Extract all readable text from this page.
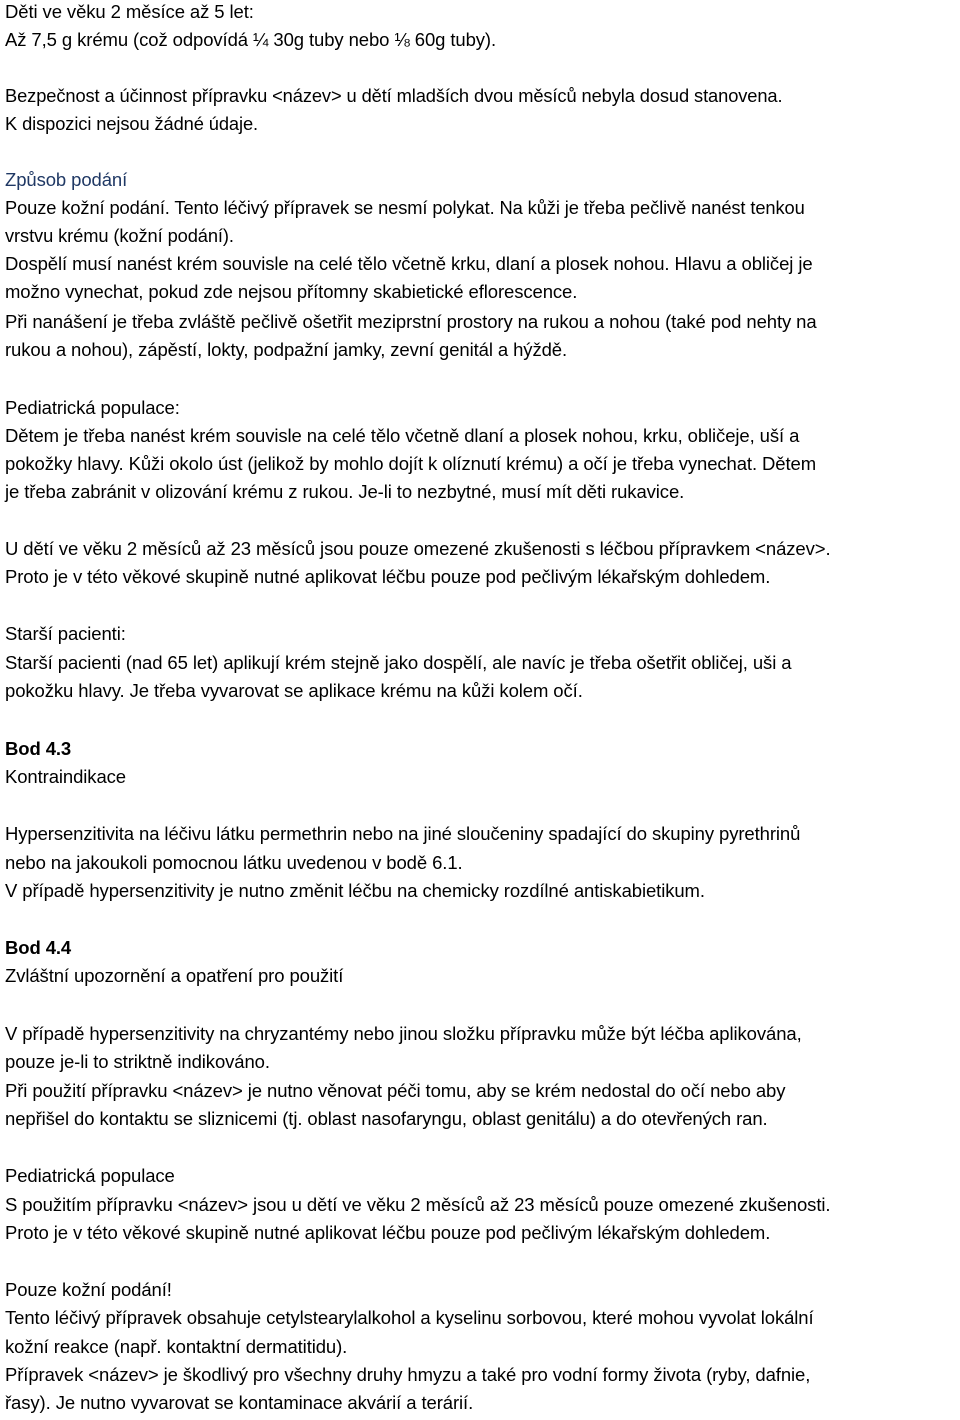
Děti ve věku 2 měsíce až 5 let:
Až 7,5 g krému (což odpovídá ¼ 30g tuby nebo ⅛ 60g tuby).
Bezpečnost a účinnost přípravku <název> u dětí mladších dvou měsíců nebyla dosud stanovena.
K dispozici nejsou žádné údaje.
Způsob podání
Pouze kožní podání. Tento léčivý přípravek se nesmí polykat. Na kůži je třeba pečlivě nanést tenkou
vrstvu krému (kožní podání).
Dospělí musí nanést krém souvisle na celé tělo včetně krku, dlaní a plosek nohou. Hlavu a obličej je
možno vynechat, pokud zde nejsou přítomny skabietické eflorescence.
Při nanášení je třeba zvláště pečlivě ošetřit meziprstní prostory na rukou a nohou (také pod nehty na
rukou a nohou), zápěstí, lokty, podpažní jamky, zevní genitál a hýždě.
Pediatrická populace:
Dětem je třeba nanést krém souvisle na celé tělo včetně dlaní a plosek nohou, krku, obličeje, uší a
pokožky hlavy. Kůži okolo úst (jelikož by mohlo dojít k olíznutí krému) a očí je třeba vynechat. Dětem
je třeba zabránit v olizování krému z rukou. Je-li to nezbytné, musí mít děti rukavice.
U dětí ve věku 2 měsíců až 23 měsíců jsou pouze omezené zkušenosti s léčbou přípravkem <název>.
Proto je v této věkové skupině nutné aplikovat léčbu pouze pod pečlivým lékařským dohledem.
Starší pacienti:
Starší pacienti (nad 65 let) aplikují krém stejně jako dospělí, ale navíc je třeba ošetřit obličej, uši a
pokožku hlavy. Je třeba vyvarovat se aplikace krému na kůži kolem očí.
Bod 4.3
Kontraindikace
Hypersenzitivita na léčivu látku permethrin nebo na jiné sloučeniny spadající do skupiny pyrethrinů
nebo na jakoukoli pomocnou látku uvedenou v bodě 6.1.
V případě hypersenzitivity je nutno změnit léčbu na chemicky rozdílné antiskabietikum.
Bod 4.4
Zvláštní upozornění a opatření pro použití
V případě hypersenzitivity na chryzantémy nebo jinou složku přípravku může být léčba aplikována,
pouze je-li to striktně indikováno.
Při použití přípravku <název> je nutno věnovat péči tomu, aby se krém nedostal do očí nebo aby
nepřišel do kontaktu se sliznicemi (tj. oblast nasofaryngu, oblast genitálu) a do otevřených ran.
Pediatrická populace
S použitím přípravku <název> jsou u dětí ve věku 2 měsíců až 23 měsíců pouze omezené zkušenosti.
Proto je v této věkové skupině nutné aplikovat léčbu pouze pod pečlivým lékařským dohledem.
Pouze kožní podání!
Tento léčivý přípravek obsahuje cetylstearylalkohol a kyselinu sorbovou, které mohou vyvolat lokální
kožní reakce (např. kontaktní dermatitidu).
Přípravek <název> je škodlivý pro všechny druhy hmyzu a také pro vodní formy života (ryby, dafnie,
řasy). Je nutno vyvarovat se kontaminace akvárií a terárií.
